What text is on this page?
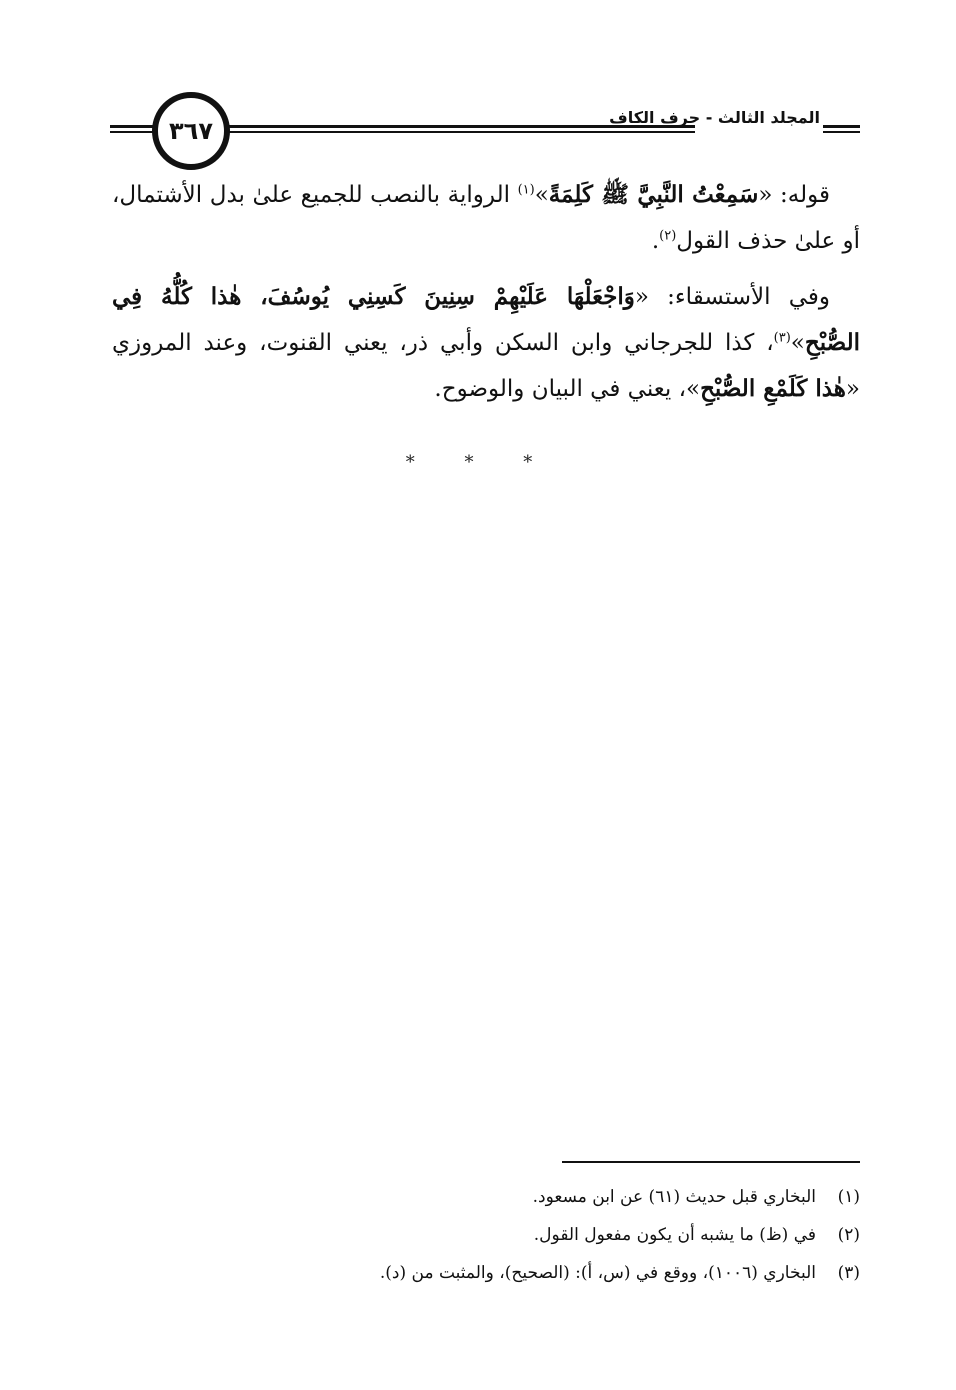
٣٦٧	المجلد الثالث - حرف الكاف

قوله: «سَمِعْتُ النَّبِيَّ ﷺ كَلِمَةً»$^{(١)}$ الرواية بالنصب للجميع علىٰ بدل الأشتمال، أو علىٰ حذف القول$^{(٢)}$.

وفي الأستسقاء: «وَاجْعَلْهَا عَلَيْهِمْ سِنِينَ كَسِنِي يُوسُفَ، هٰذا كُلُّهُ فِي الصُّبْحِ»$^{(٣)}$، كذا للجرجاني وابن السكن وأبي ذر، يعني القنوت، وعند المروزي «هٰذا كَلَمْعِ الصُّبْحِ»، يعني في البيان والوضوح.

* * *
(١)البخاري قبل حديث (٦١) عن ابن مسعود.
(٢)في (ظ) ما يشبه أن يكون مفعول القول.
(٣)البخاري (١٠٠٦)، ووقع في (س، أ): (الصحيح)، والمثبت من (د).
